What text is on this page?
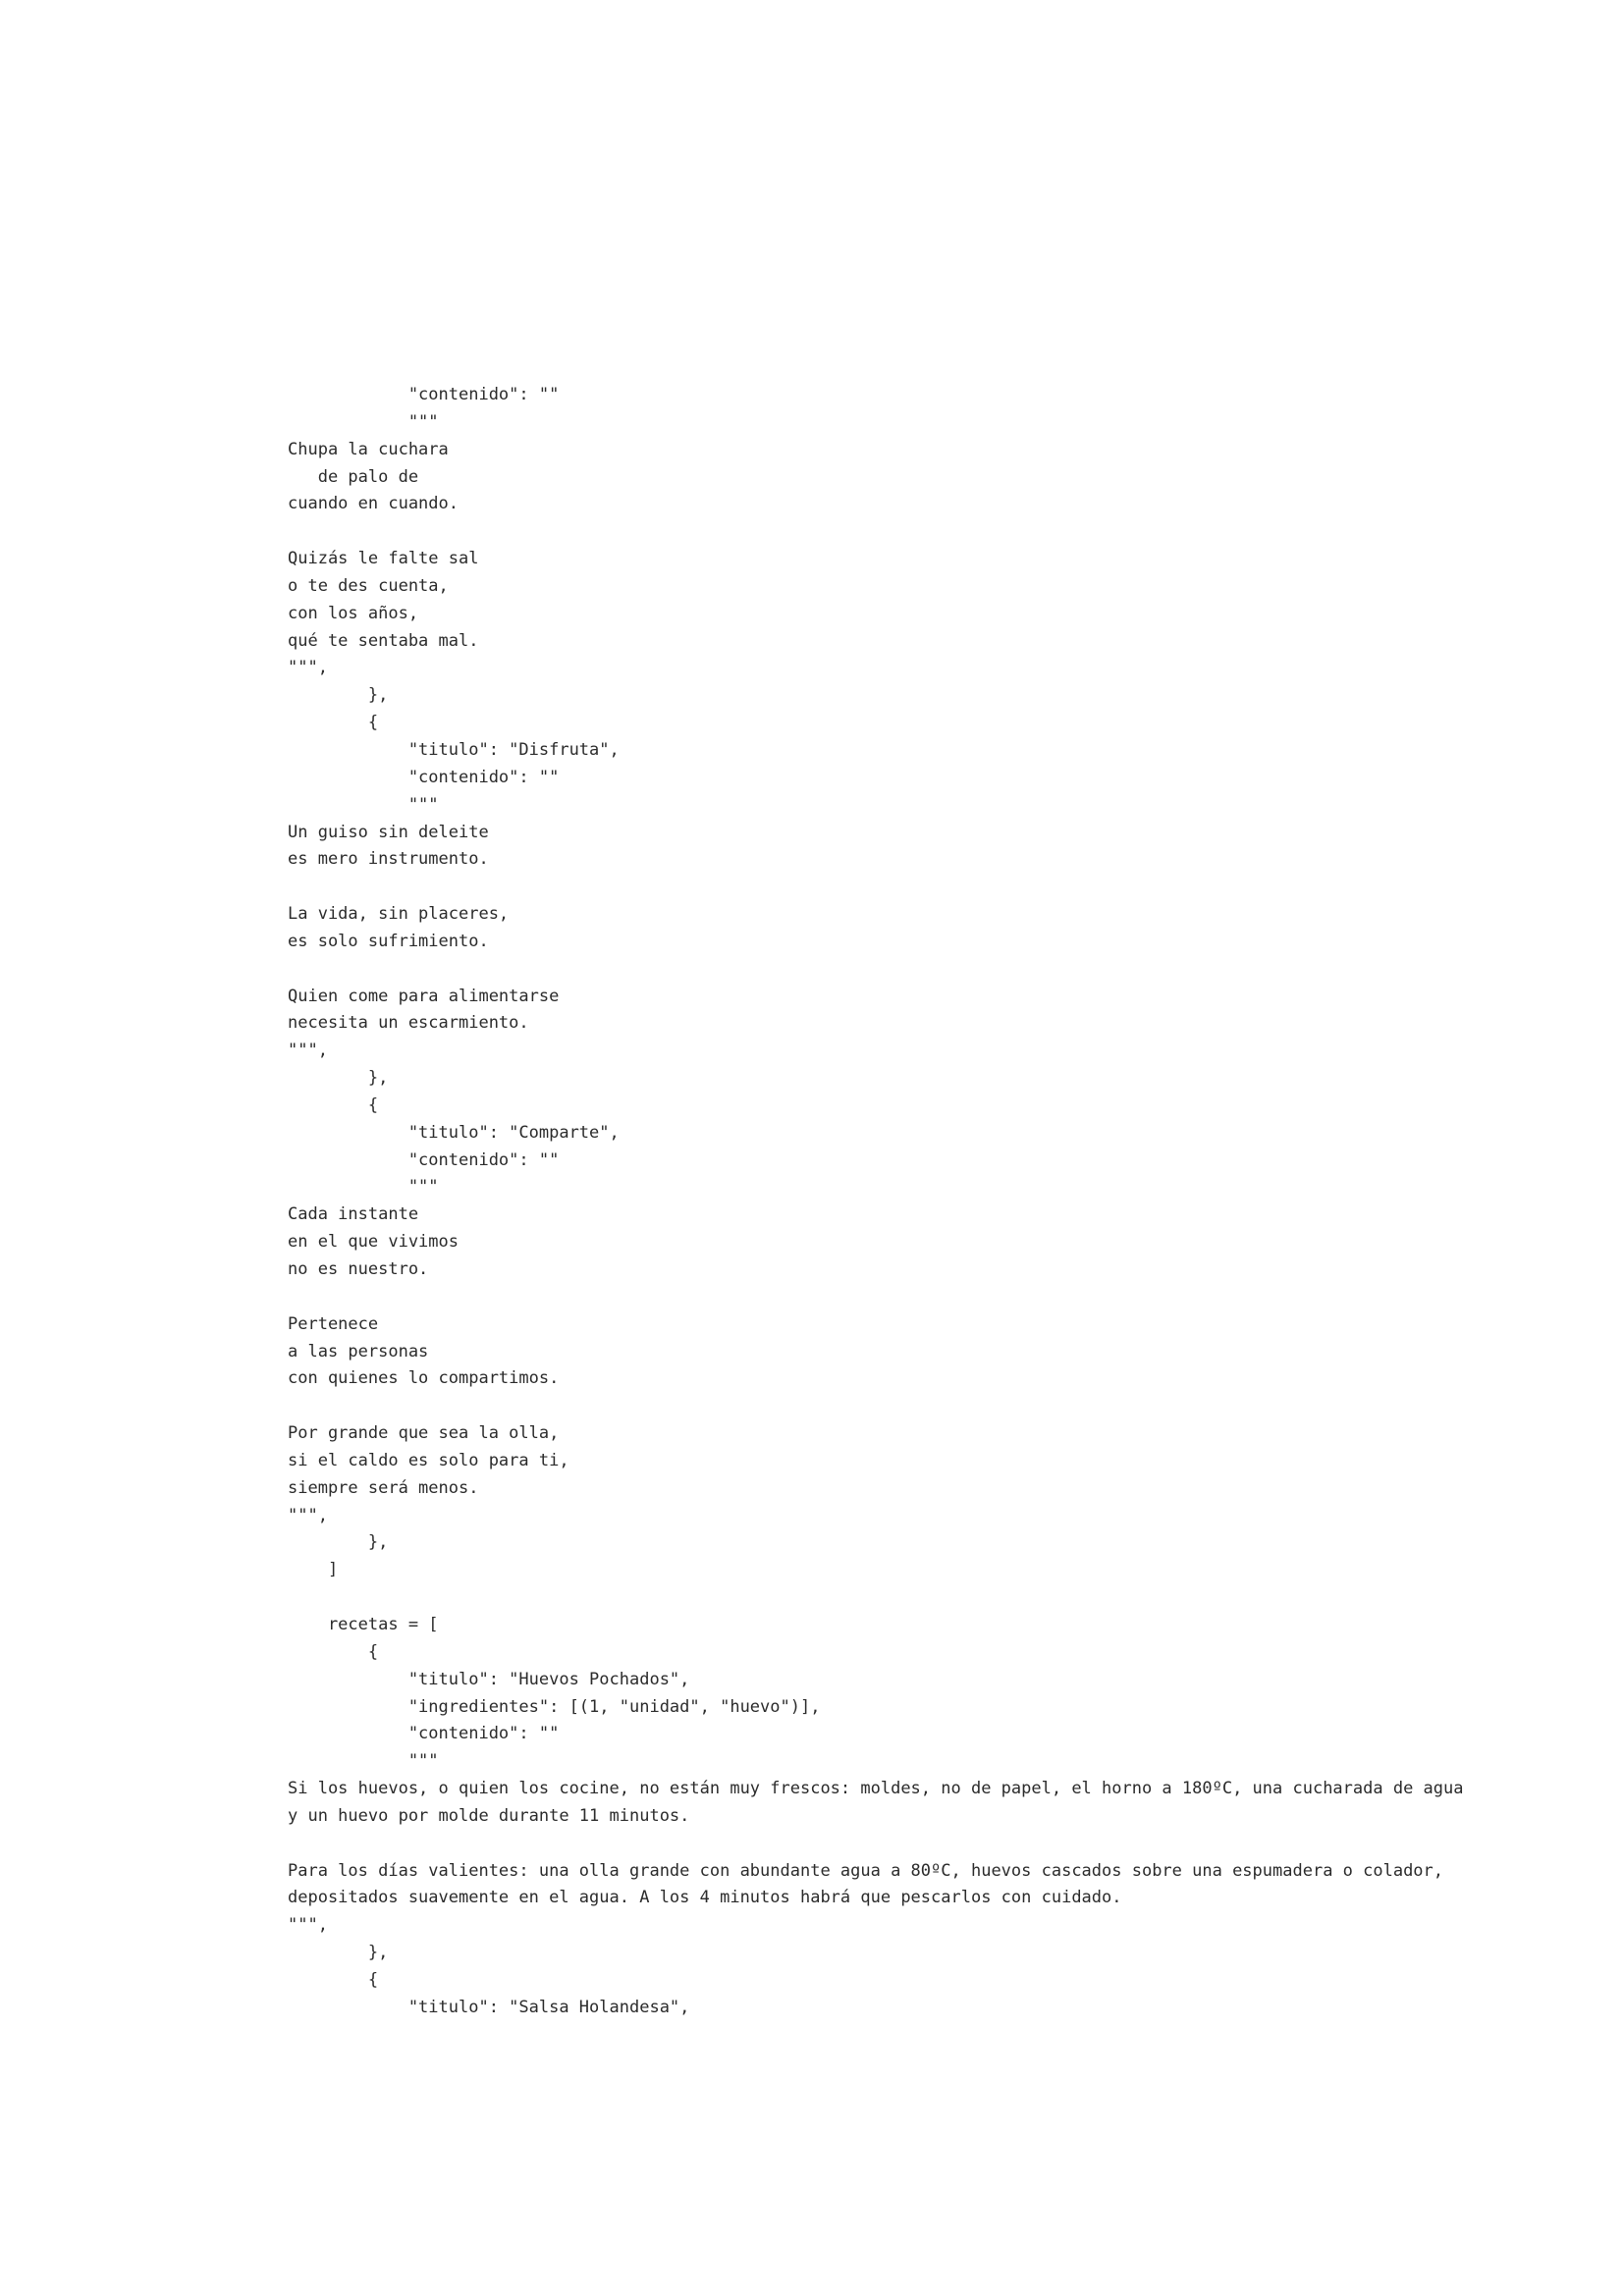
"contenido": ""
"""
Chupa la cuchara
de palo de
cuando en cuando.
Quizás le falte sal
o te des cuenta,
con los años,
qué te sentaba mal.
""",
},
{
"titulo": "Disfruta",
"contenido": ""
"""
Un guiso sin deleite
es mero instrumento.
La vida, sin placeres,
es solo sufrimiento.
Quien come para alimentarse
necesita un escarmiento.
""",
},
{
"titulo": "Comparte",
"contenido": ""
"""
Cada instante
en el que vivimos
no es nuestro.
Pertenece
a las personas
con quienes lo compartimos.
Por grande que sea la olla,
si el caldo es solo para ti,
siempre será menos.
""",
},
]
recetas = [
{
"titulo": "Huevos Pochados",
"ingredientes": [(1, "unidad", "huevo")],
"contenido": ""
"""
Si los huevos, o quien los cocine, no están muy frescos: moldes, no de papel, el horno a 180ºC, una cucharada de agua
y un huevo por molde durante 11 minutos.
Para los días valientes: una olla grande con abundante agua a 80ºC, huevos cascados sobre una espumadera o colador,
depositados suavemente en el agua. A los 4 minutos habrá que pescarlos con cuidado.
""",
},
{
"titulo": "Salsa Holandesa",
